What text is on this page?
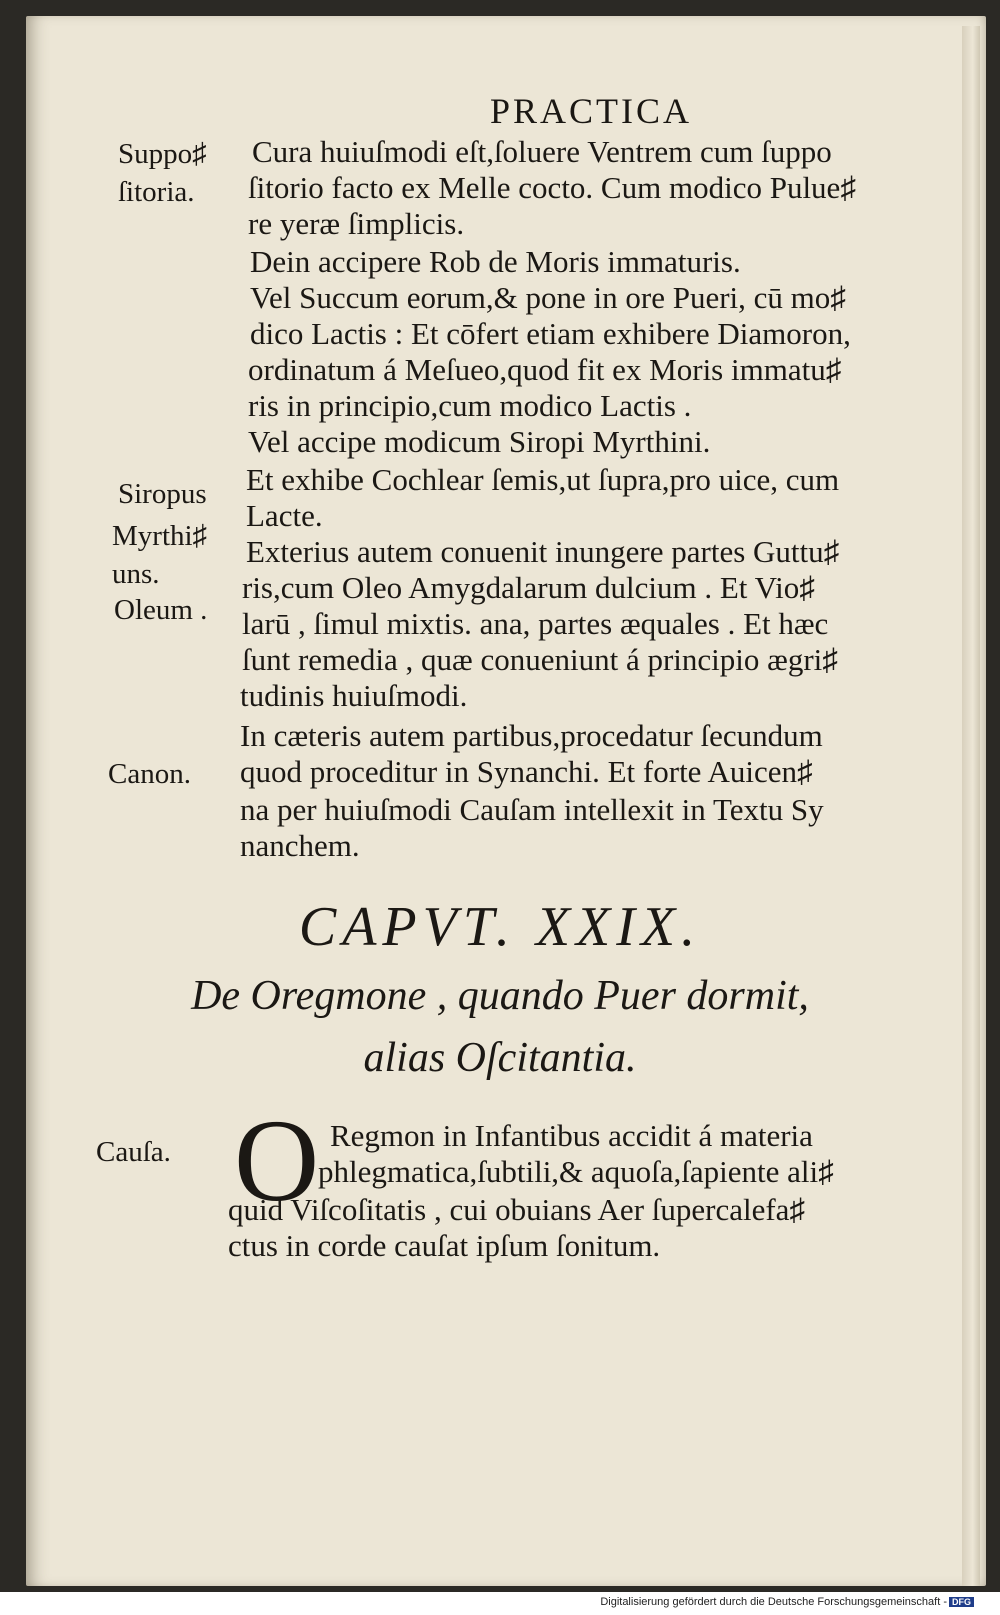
PRACTICA
Suppo♯
ſitoria.
Siropus
Myrthi♯
uns.
Oleum .
Canon.
Cauſa.
Cura huiuſmodi eſt,ſoluere Ventrem cum ſuppo
ſitorio facto ex Melle cocto. Cum modico Pulue♯
re yeræ ſimplicis.
Dein accipere Rob de Moris immaturis.
Vel Succum eorum,& pone in ore Pueri, cū mo♯
dico Lactis : Et cōfert etiam exhibere Diamoron,
ordinatum á Meſueo,quod fit ex Moris immatu♯
ris in principio,cum modico Lactis .
Vel accipe modicum Siropi Myrthini.
Et exhibe Cochlear ſemis,ut ſupra,pro uice, cum
Lacte.
Exterius autem conuenit inungere partes Guttu♯
ris,cum Oleo Amygdalarum dulcium . Et Vio♯
larū , ſimul mixtis. ana, partes æquales . Et hæc
ſunt remedia , quæ conueniunt á principio ægri♯
tudinis huiuſmodi.
In cæteris autem partibus,procedatur ſecundum
quod proceditur in Synanchi. Et forte Auicen♯
na per huiuſmodi Cauſam intellexit in Textu Sy
nanchem.
CAPVT. XXIX.
De Oregmone , quando Puer dormit,
alias Oſcitantia.
O Regmon in Infantibus accidit á materia
phlegmatica,ſubtili,& aquoſa,ſapiente ali♯
quid Viſcoſitatis , cui obuians Aer ſupercalefa♯
ctus in corde cauſat ipſum ſonitum.
Digitalisierung gefördert durch die Deutsche Forschungsgemeinschaft - DFG
